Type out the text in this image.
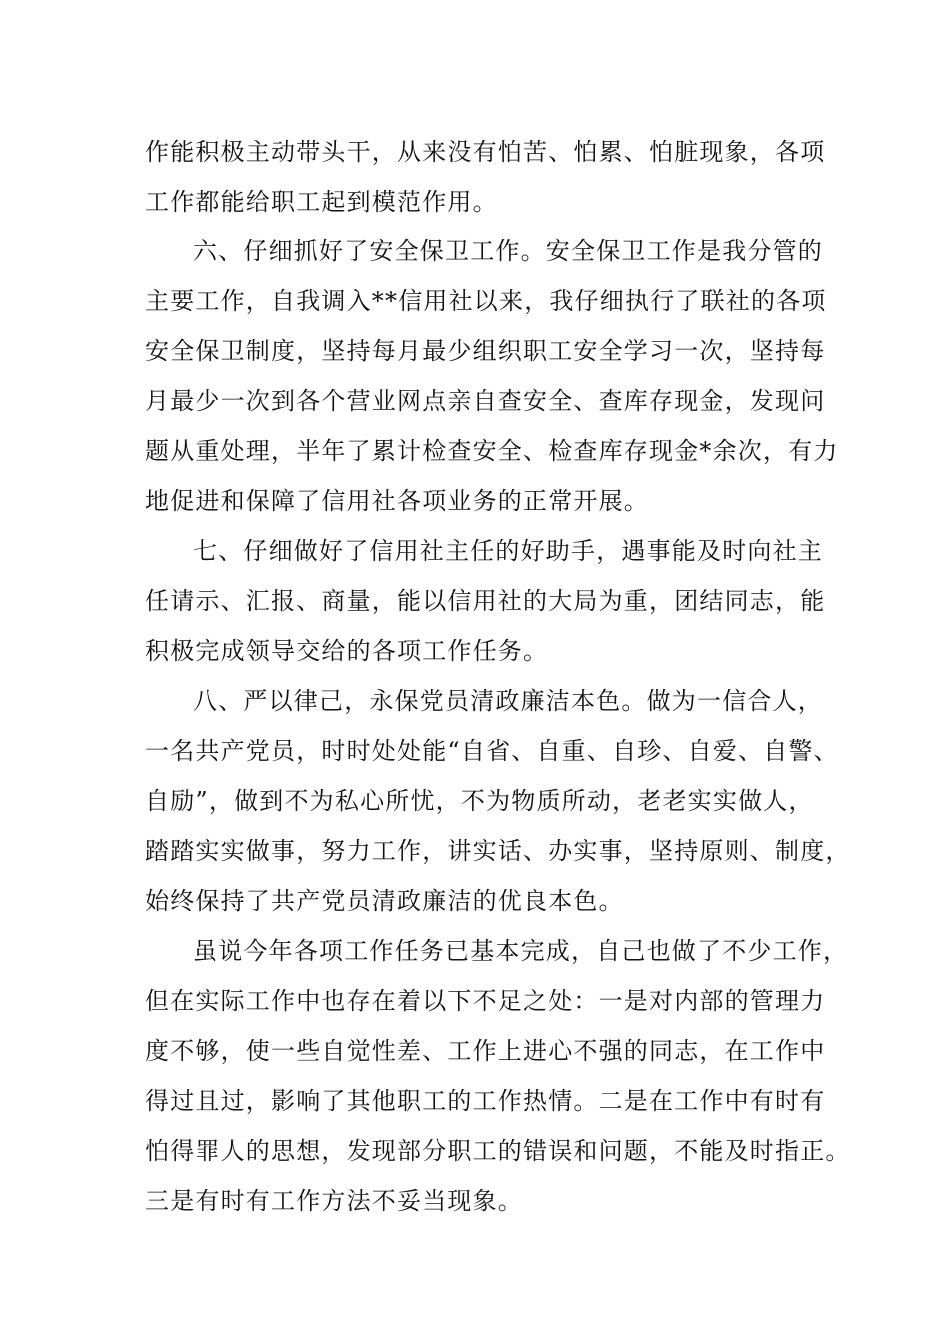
作能积极主动带头干，从来没有怕苦、怕累、怕脏现象，各项
工作都能给职工起到模范作用。
六、仔细抓好了安全保卫工作。安全保卫工作是我分管的
主要工作，自我调入**信用社以来，我仔细执行了联社的各项
安全保卫制度，坚持每月最少组织职工安全学习一次，坚持每
月最少一次到各个营业网点亲自查安全、查库存现金，发现问
题从重处理，半年了累计检查安全、检查库存现金*余次，有力
地促进和保障了信用社各项业务的正常开展。
七、仔细做好了信用社主任的好助手，遇事能及时向社主
任请示、汇报、商量，能以信用社的大局为重，团结同志，能
积极完成领导交给的各项工作任务。
八、严以律己，永保党员清政廉洁本色。做为一信合人，
一名共产党员，时时处处能“自省、自重、自珍、自爱、自警、
自励”，做到不为私心所忧，不为物质所动，老老实实做人，
踏踏实实做事，努力工作，讲实话、办实事，坚持原则、制度，
始终保持了共产党员清政廉洁的优良本色。
虽说今年各项工作任务已基本完成，自己也做了不少工作，
但在实际工作中也存在着以下不足之处：一是对内部的管理力
度不够，使一些自觉性差、工作上进心不强的同志，在工作中
得过且过，影响了其他职工的工作热情。二是在工作中有时有
怕得罪人的思想，发现部分职工的错误和问题，不能及时指正。
三是有时有工作方法不妥当现象。
